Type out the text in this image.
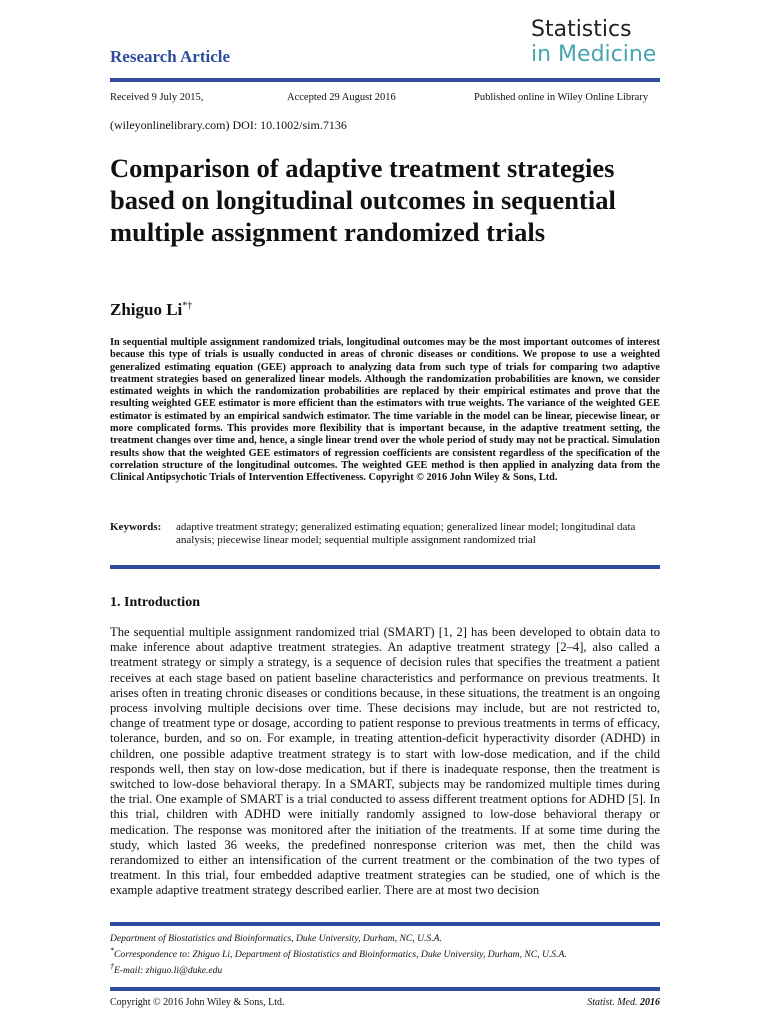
Research Article
Statistics
in Medicine
Received 9 July 2015,	Accepted 29 August 2016	Published online in Wiley Online Library
(wileyonlinelibrary.com) DOI: 10.1002/sim.7136
Comparison of adaptive treatment strategies based on longitudinal outcomes in sequential multiple assignment randomized trials
Zhiguo Li*†
In sequential multiple assignment randomized trials, longitudinal outcomes may be the most important outcomes of interest because this type of trials is usually conducted in areas of chronic diseases or conditions. We propose to use a weighted generalized estimating equation (GEE) approach to analyzing data from such type of trials for comparing two adaptive treatment strategies based on generalized linear models. Although the randomization probabilities are known, we consider estimated weights in which the randomization probabilities are replaced by their empirical estimates and prove that the resulting weighted GEE estimator is more efficient than the estimators with true weights. The variance of the weighted GEE estimator is estimated by an empirical sandwich estimator. The time variable in the model can be linear, piecewise linear, or more complicated forms. This provides more flexibility that is important because, in the adaptive treatment setting, the treatment changes over time and, hence, a single linear trend over the whole period of study may not be practical. Simulation results show that the weighted GEE estimators of regression coefficients are consistent regardless of the specification of the correlation structure of the longitudinal outcomes. The weighted GEE method is then applied in analyzing data from the Clinical Antipsychotic Trials of Intervention Effectiveness. Copyright © 2016 John Wiley & Sons, Ltd.
Keywords: adaptive treatment strategy; generalized estimating equation; generalized linear model; longitudinal data analysis; piecewise linear model; sequential multiple assignment randomized trial
1. Introduction
The sequential multiple assignment randomized trial (SMART) [1, 2] has been developed to obtain data to make inference about adaptive treatment strategies. An adaptive treatment strategy [2–4], also called a treatment strategy or simply a strategy, is a sequence of decision rules that specifies the treatment a patient receives at each stage based on patient baseline characteristics and performance on previous treatments. It arises often in treating chronic diseases or conditions because, in these situations, the treatment is an ongoing process involving multiple decisions over time. These decisions may include, but are not restricted to, change of treatment type or dosage, according to patient response to previous treatments in terms of efficacy, tolerance, burden, and so on. For example, in treating attention-deficit hyperactivity disorder (ADHD) in children, one possible adaptive treatment strategy is to start with low-dose medication, and if the child responds well, then stay on low-dose medication, but if there is inadequate response, then the treatment is switched to low-dose behavioral therapy. In a SMART, subjects may be randomized multiple times during the trial. One example of SMART is a trial conducted to assess different treatment options for ADHD [5]. In this trial, children with ADHD were initially randomly assigned to low-dose behavioral therapy or medication. The response was monitored after the initiation of the treatments. If at some time during the study, which lasted 36 weeks, the predefined nonresponse criterion was met, then the child was rerandomized to either an intensification of the current treatment or the combination of the two types of treatment. In this trial, four embedded adaptive treatment strategies can be studied, one of which is the example adaptive treatment strategy described earlier. There are at most two decision
Department of Biostatistics and Bioinformatics, Duke University, Durham, NC, U.S.A.
*Correspondence to: Zhiguo Li, Department of Biostatistics and Bioinformatics, Duke University, Durham, NC, U.S.A.
†E-mail: zhiguo.li@duke.edu
Copyright © 2016 John Wiley & Sons, Ltd.	Statist. Med. 2016
